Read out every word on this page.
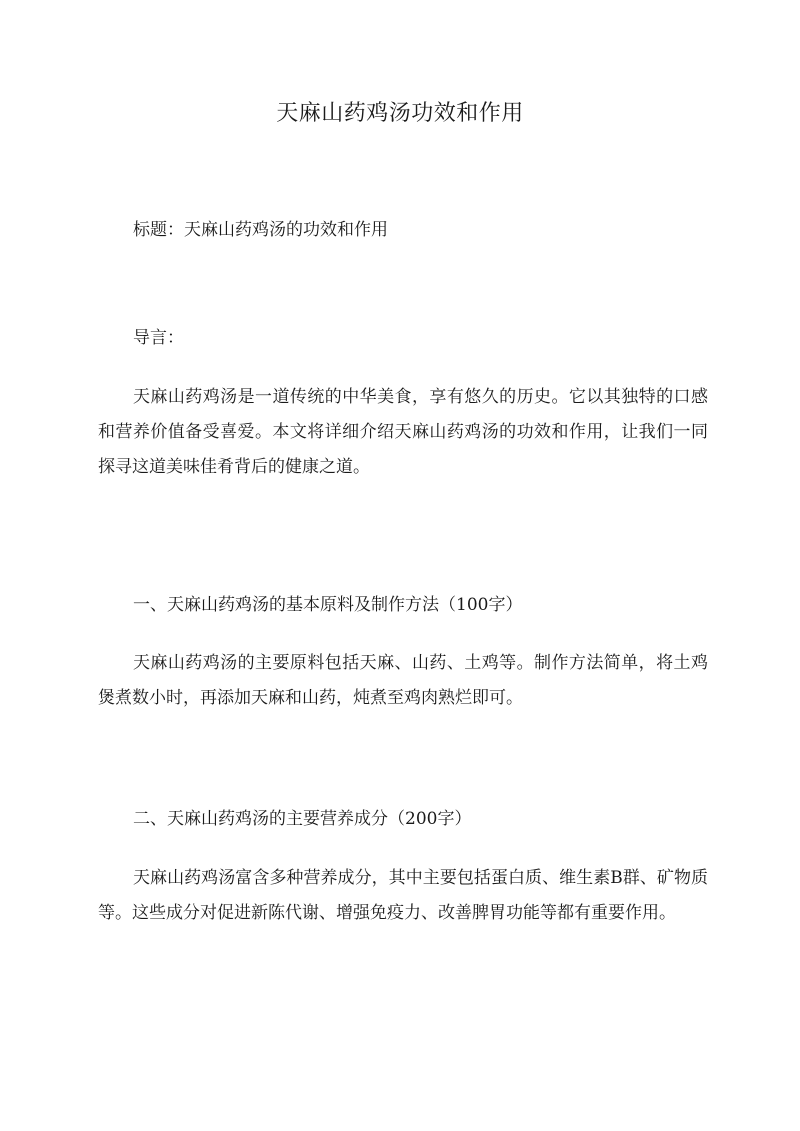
天麻山药鸡汤功效和作用

标题：天麻山药鸡汤的功效和作用

导言：

天麻山药鸡汤是一道传统的中华美食，享有悠久的历史。它以其独特的口感和营养价值备受喜爱。本文将详细介绍天麻山药鸡汤的功效和作用，让我们一同探寻这道美味佳肴背后的健康之道。

一、天麻山药鸡汤的基本原料及制作方法（100字）

天麻山药鸡汤的主要原料包括天麻、山药、土鸡等。制作方法简单，将土鸡煲煮数小时，再添加天麻和山药，炖煮至鸡肉熟烂即可。

二、天麻山药鸡汤的主要营养成分（200字）

天麻山药鸡汤富含多种营养成分，其中主要包括蛋白质、维生素B群、矿物质等。这些成分对促进新陈代谢、增强免疫力、改善脾胃功能等都有重要作用。
